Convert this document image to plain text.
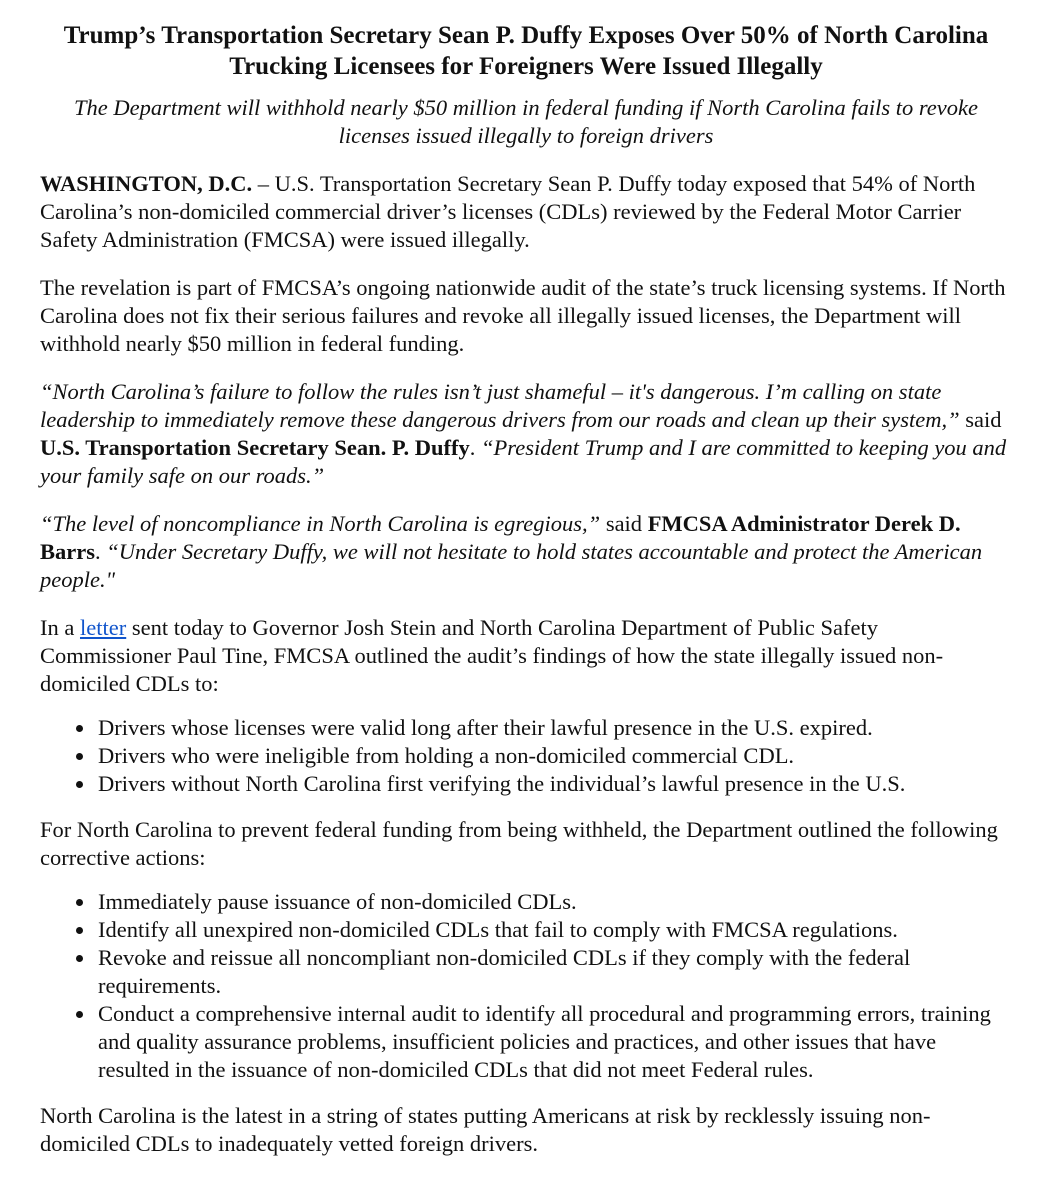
Trump’s Transportation Secretary Sean P. Duffy Exposes Over 50% of North Carolina
Trucking Licensees for Foreigners Were Issued Illegally
The Department will withhold nearly $50 million in federal funding if North Carolina fails to revoke
licenses issued illegally to foreign drivers

WASHINGTON, D.C. – U.S. Transportation Secretary Sean P. Duffy today exposed that 54% of North Carolina’s non-domiciled commercial driver’s licenses (CDLs) reviewed by the Federal Motor Carrier Safety Administration (FMCSA) were issued illegally.

The revelation is part of FMCSA’s ongoing nationwide audit of the state’s truck licensing systems. If North Carolina does not fix their serious failures and revoke all illegally issued licenses, the Department will withhold nearly $50 million in federal funding.

“North Carolina’s failure to follow the rules isn’t just shameful – it's dangerous. I’m calling on state leadership to immediately remove these dangerous drivers from our roads and clean up their system,” said U.S. Transportation Secretary Sean. P. Duffy. “President Trump and I are committed to keeping you and your family safe on our roads.”

“The level of noncompliance in North Carolina is egregious,” said FMCSA Administrator Derek D. Barrs. “Under Secretary Duffy, we will not hesitate to hold states accountable and protect the American people."

In a letter sent today to Governor Josh Stein and North Carolina Department of Public Safety Commissioner Paul Tine, FMCSA outlined the audit’s findings of how the state illegally issued non-domiciled CDLs to:

• Drivers whose licenses were valid long after their lawful presence in the U.S. expired.
• Drivers who were ineligible from holding a non-domiciled commercial CDL.
• Drivers without North Carolina first verifying the individual’s lawful presence in the U.S.

For North Carolina to prevent federal funding from being withheld, the Department outlined the following corrective actions:

• Immediately pause issuance of non-domiciled CDLs.
• Identify all unexpired non-domiciled CDLs that fail to comply with FMCSA regulations.
• Revoke and reissue all noncompliant non-domiciled CDLs if they comply with the federal requirements.
• Conduct a comprehensive internal audit to identify all procedural and programming errors, training and quality assurance problems, insufficient policies and practices, and other issues that have resulted in the issuance of non-domiciled CDLs that did not meet Federal rules.

North Carolina is the latest in a string of states putting Americans at risk by recklessly issuing non-domiciled CDLs to inadequately vetted foreign drivers.
